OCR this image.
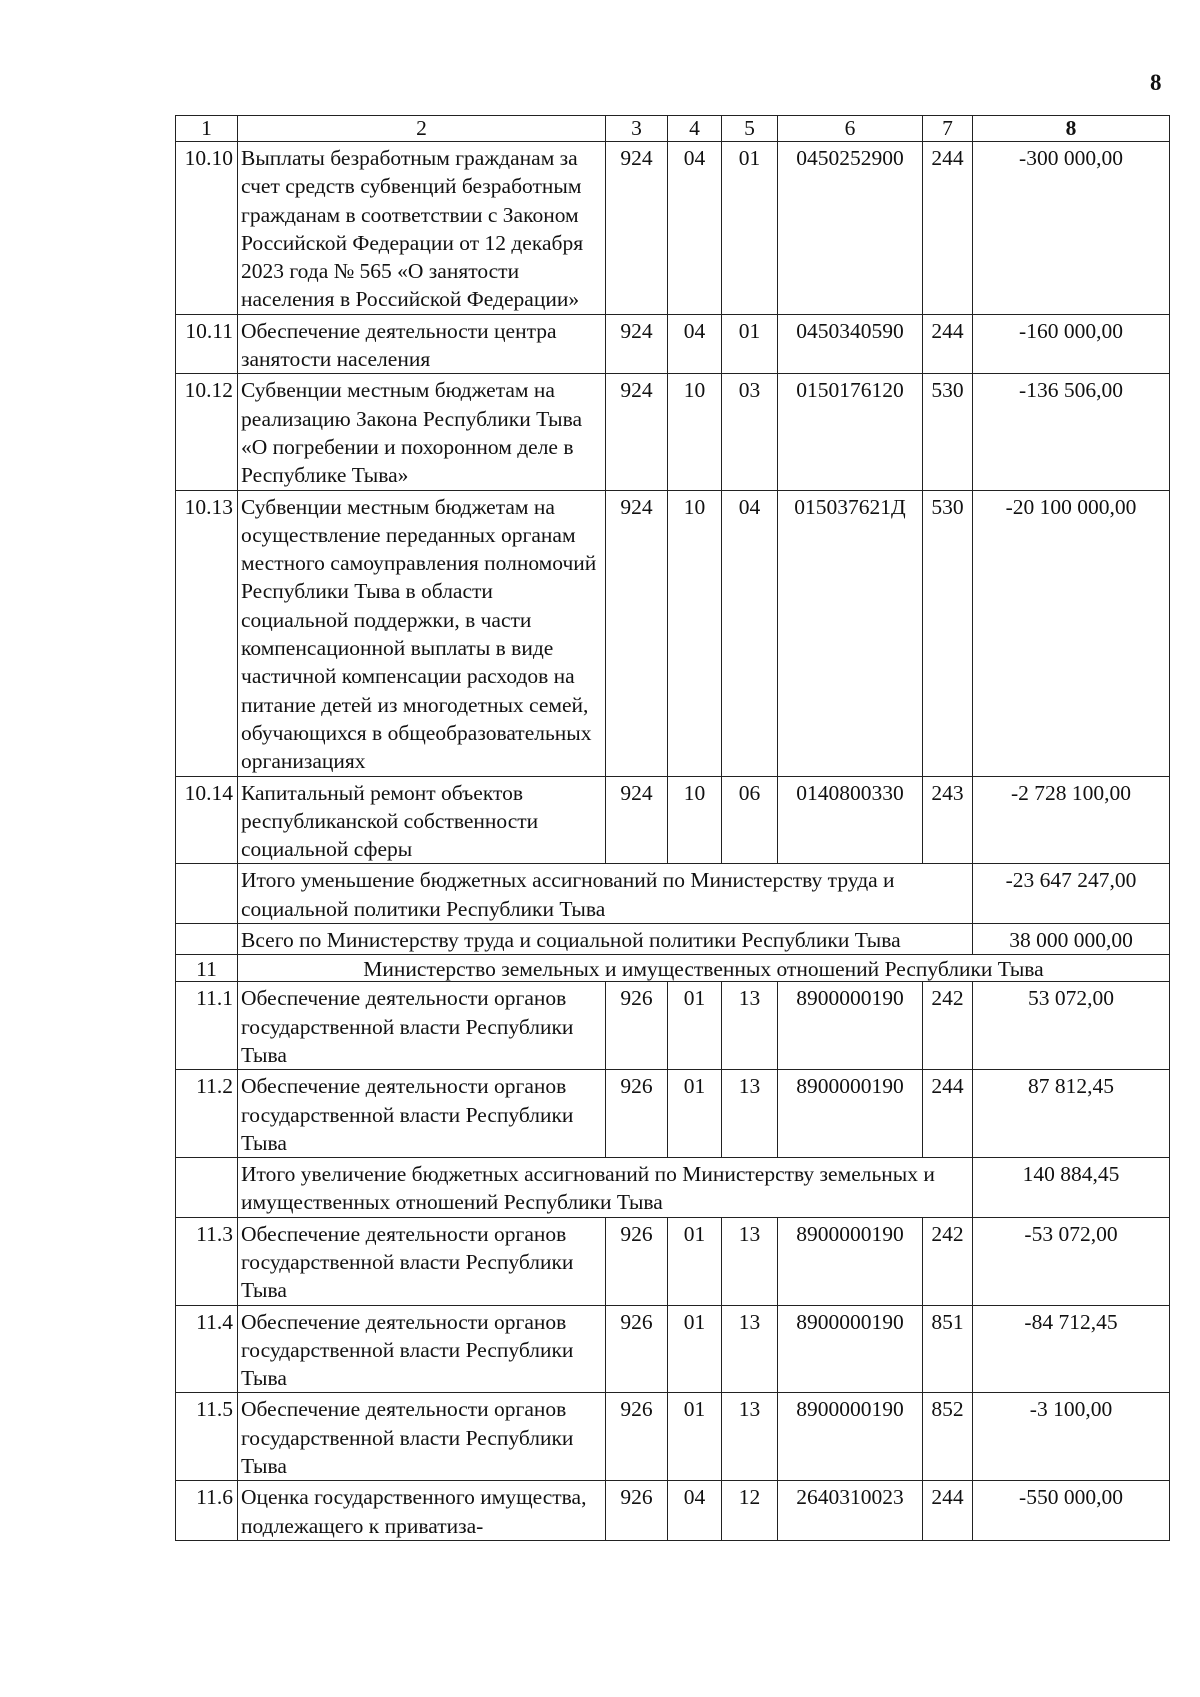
8
1	2	3	4	5	6	7	8
10.10	Выплаты безработным гражданам за счет средств субвенций безработным гражданам в соответствии с Законом Российской Федерации от 12 декабря 2023 года № 565 «О занятости населения в Российской Федерации»	924	04	01	0450252900	244	-300 000,00
10.11	Обеспечение деятельности центра занятости населения	924	04	01	0450340590	244	-160 000,00
10.12	Субвенции местным бюджетам на реализацию Закона Республики Тыва «О погребении и похоронном деле в Республике Тыва»	924	10	03	0150176120	530	-136 506,00
10.13	Субвенции местным бюджетам на осуществление переданных органам местного самоуправления полномочий Республики Тыва в области социальной поддержки, в части компенсационной выплаты в виде частичной компенсации расходов на питание детей из многодетных семей, обучающихся в общеобразовательных организациях	924	10	04	015037621Д	530	-20 100 000,00
10.14	Капитальный ремонт объектов республиканской собственности социальной сферы	924	10	06	0140800330	243	-2 728 100,00
	Итого уменьшение бюджетных ассигнований по Министерству труда и социальной политики Республики Тыва						-23 647 247,00
	Всего по Министерству труда и социальной политики Республики Тыва						38 000 000,00
11	Министерство земельных и имущественных отношений Республики Тыва						
11.1	Обеспечение деятельности органов государственной власти Республики Тыва	926	01	13	8900000190	242	53 072,00
11.2	Обеспечение деятельности органов государственной власти Республики Тыва	926	01	13	8900000190	244	87 812,45
	Итого увеличение бюджетных ассигнований по Министерству земельных и имущественных отношений Республики Тыва						140 884,45
11.3	Обеспечение деятельности органов государственной власти Республики Тыва	926	01	13	8900000190	242	-53 072,00
11.4	Обеспечение деятельности органов государственной власти Республики Тыва	926	01	13	8900000190	851	-84 712,45
11.5	Обеспечение деятельности органов государственной власти Республики Тыва	926	01	13	8900000190	852	-3 100,00
11.6	Оценка государственного имущества, подлежащего к приватиза-	926	04	12	2640310023	244	-550 000,00
